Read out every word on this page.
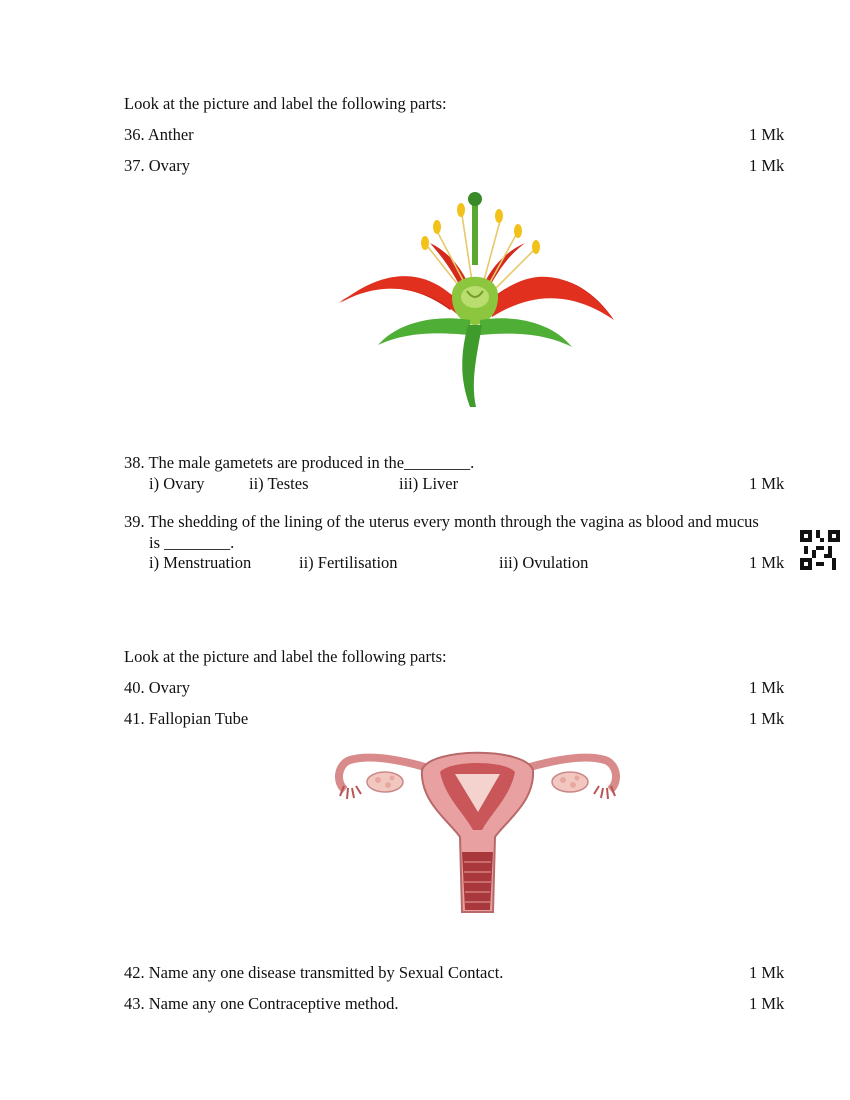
Look at the picture and label the following parts:
36. Anther	1 Mk
37. Ovary	1 Mk
38. The male gametets are produced in the________.
i) Ovary	ii) Testes	iii) Liver	1 Mk
39. The shedding of the lining of the uterus every month through the vagina as blood and mucus
is ________.
i) Menstruation	ii) Fertilisation	iii) Ovulation	1 Mk
Look at the picture and label the following parts:
40. Ovary	1 Mk
41. Fallopian Tube	1 Mk
42. Name any one disease transmitted by Sexual Contact.	1 Mk
43. Name any one Contraceptive method.	1 Mk
